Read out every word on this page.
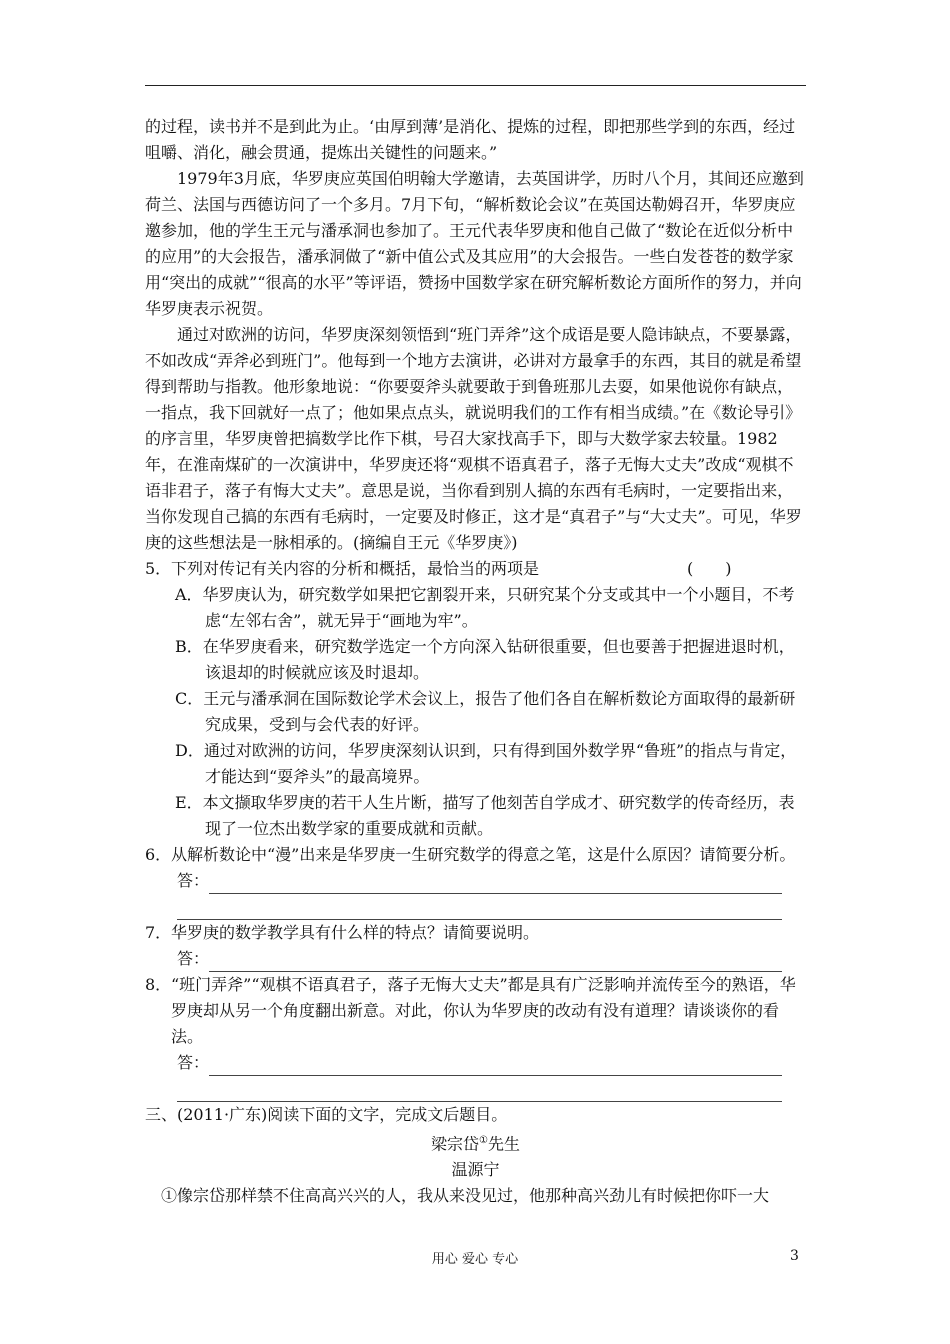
的过程，读书并不是到此为止。‘由厚到薄’是消化、提炼的过程，即把那些学到的东西，经过咀嚼、消化，融会贯通，提炼出关键性的问题来。”

1979年3月底，华罗庚应英国伯明翰大学邀请，去英国讲学，历时八个月，其间还应邀到荷兰、法国与西德访问了一个多月。7月下旬，“解析数论会议”在英国达勒姆召开，华罗庚应邀参加，他的学生王元与潘承洞也参加了。王元代表华罗庚和他自己做了“数论在近似分析中的应用”的大会报告，潘承洞做了“新中值公式及其应用”的大会报告。一些白发苍苍的数学家用“突出的成就”“很高的水平”等评语，赞扬中国数学家在研究解析数论方面所作的努力，并向华罗庚表示祝贺。

通过对欧洲的访问，华罗庚深刻领悟到“班门弄斧”这个成语是要人隐讳缺点，不要暴露，不如改成“弄斧必到班门”。他每到一个地方去演讲，必讲对方最拿手的东西，其目的就是希望得到帮助与指教。他形象地说：“你要耍斧头就要敢于到鲁班那儿去耍，如果他说你有缺点，一指点，我下回就好一点了；他如果点点头，就说明我们的工作有相当成绩。”在《数论导引》的序言里，华罗庚曾把搞数学比作下棋，号召大家找高手下，即与大数学家去较量。1982年，在淮南煤矿的一次演讲中，华罗庚还将“观棋不语真君子，落子无悔大丈夫”改成“观棋不语非君子，落子有悔大丈夫”。意思是说，当你看到别人搞的东西有毛病时，一定要指出来，当你发现自己搞的东西有毛病时，一定要及时修正，这才是“真君子”与“大丈夫”。可见，华罗庚的这些想法是一脉相承的。(摘编自王元《华罗庚》)

5． 下列对传记有关内容的分析和概括，最恰当的两项是	(　　)

A．华罗庚认为，研究数学如果把它割裂开来，只研究某个分支或其中一个小题目，不考虑“左邻右舍”，就无异于“画地为牢”。

B．在华罗庚看来，研究数学选定一个方向深入钻研很重要，但也要善于把握进退时机，该退却的时候就应该及时退却。

C．王元与潘承洞在国际数论学术会议上，报告了他们各自在解析数论方面取得的最新研究成果，受到与会代表的好评。

D．通过对欧洲的访问，华罗庚深刻认识到，只有得到国外数学界“鲁班”的指点与肯定，才能达到“耍斧头”的最高境界。

E．本文撷取华罗庚的若干人生片断，描写了他刻苦自学成才、研究数学的传奇经历，表现了一位杰出数学家的重要成就和贡献。

6． 从解析数论中“漫”出来是华罗庚一生研究数学的得意之笔，这是什么原因？请简要分析。
答：
7． 华罗庚的数学教学具有什么样的特点？请简要说明。
答：
8． “班门弄斧”“观棋不语真君子，落子无悔大丈夫”都是具有广泛影响并流传至今的熟语，华罗庚却从另一个角度翻出新意。对此，你认为华罗庚的改动有没有道理？请谈谈你的看法。
答：

三、(2011·广东)阅读下面的文字，完成文后题目。

梁宗岱①先生

温源宁

①像宗岱那样禁不住高高兴兴的人，我从来没见过，他那种高兴劲儿有时候把你吓一大

用心 爱心 专心	3
